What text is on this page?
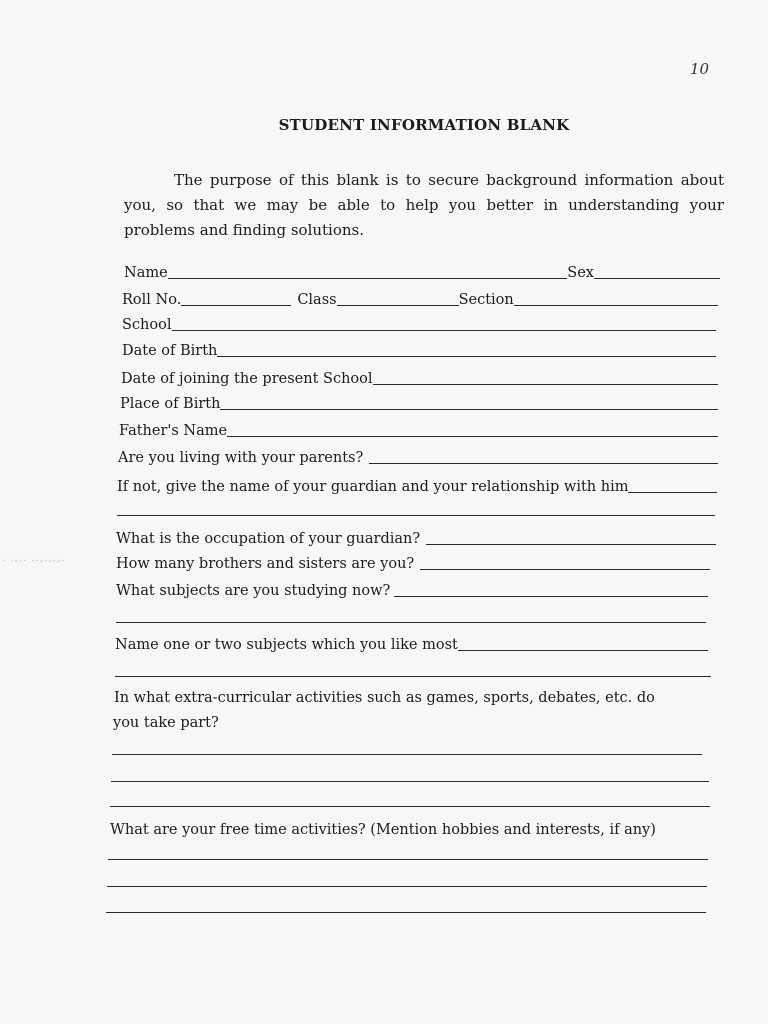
10
STUDENT INFORMATION BLANK
The purpose of this blank is to secure background information about you, so that we may be able to help you better in understanding your problems and finding solutions.
Name	Sex
Roll No.	Class	Section
School
Date of Birth
Date of joining the present School
Place of Birth
Father's Name
Are you living with your parents?
If not, give the name of your guardian and your relationship with him
What is the occupation of your guardian?
· ·-·· ··-·-·-·	How many brothers and sisters are you?
What subjects are you studying now?
Name one or two subjects which you like most
In what extra-curricular activities such as games, sports, debates, etc. do
you take part?
What are your free time activities? (Mention hobbies and interests, if any)
